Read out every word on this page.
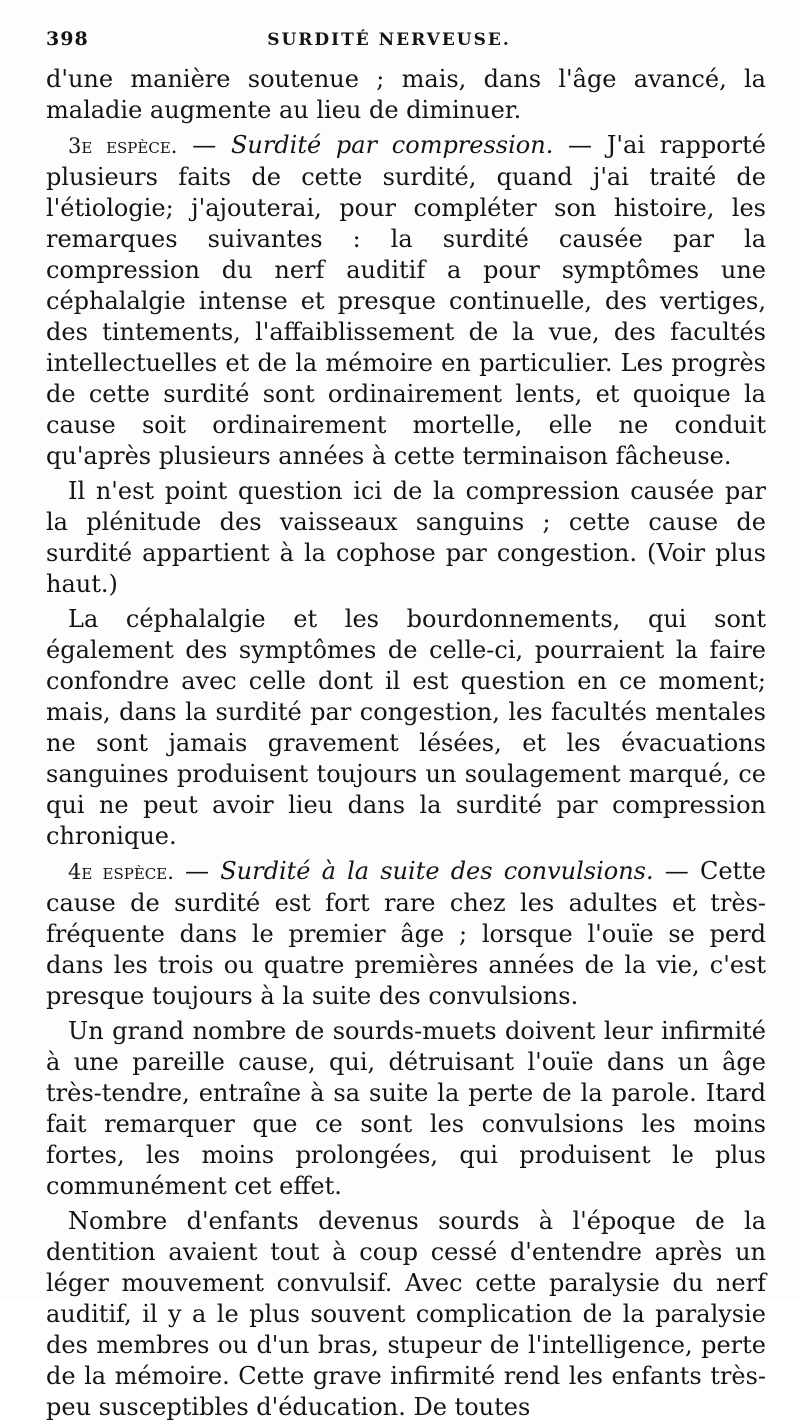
398	SURDITÉ NERVEUSE.

d'une manière soutenue ; mais, dans l'âge avancé, la maladie augmente au lieu de diminuer.

3e espèce. — Surdité par compression. — J'ai rapporté plusieurs faits de cette surdité, quand j'ai traité de l'étiologie; j'ajouterai, pour compléter son histoire, les remarques suivantes : la surdité causée par la compression du nerf auditif a pour symptômes une céphalalgie intense et presque continuelle, des vertiges, des tintements, l'affaiblissement de la vue, des facultés intellectuelles et de la mémoire en particulier. Les progrès de cette surdité sont ordinairement lents, et quoique la cause soit ordinairement mortelle, elle ne conduit qu'après plusieurs années à cette terminaison fâcheuse.

Il n'est point question ici de la compression causée par la plénitude des vaisseaux sanguins ; cette cause de surdité appartient à la cophose par congestion. (Voir plus haut.)

La céphalalgie et les bourdonnements, qui sont également des symptômes de celle-ci, pourraient la faire confondre avec celle dont il est question en ce moment; mais, dans la surdité par congestion, les facultés mentales ne sont jamais gravement lésées, et les évacuations sanguines produisent toujours un soulagement marqué, ce qui ne peut avoir lieu dans la surdité par compression chronique.

4e espèce. — Surdité à la suite des convulsions. — Cette cause de surdité est fort rare chez les adultes et très-fréquente dans le premier âge ; lorsque l'ouïe se perd dans les trois ou quatre premières années de la vie, c'est presque toujours à la suite des convulsions.

Un grand nombre de sourds-muets doivent leur infirmité à une pareille cause, qui, détruisant l'ouïe dans un âge très-tendre, entraîne à sa suite la perte de la parole. Itard fait remarquer que ce sont les convulsions les moins fortes, les moins prolongées, qui produisent le plus communément cet effet.

Nombre d'enfants devenus sourds à l'époque de la dentition avaient tout à coup cessé d'entendre après un léger mouvement convulsif. Avec cette paralysie du nerf auditif, il y a le plus souvent complication de la paralysie des membres ou d'un bras, stupeur de l'intelligence, perte de la mémoire. Cette grave infirmité rend les enfants très-peu susceptibles d'éducation. De toutes
